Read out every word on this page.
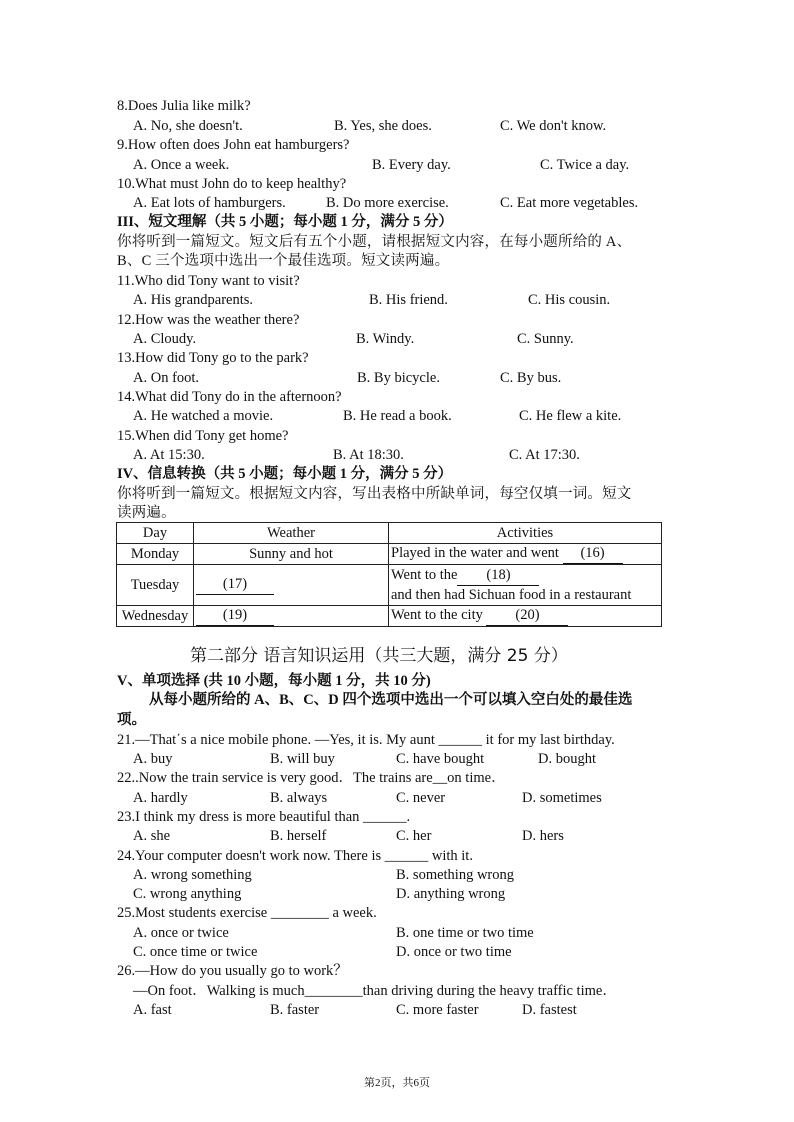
8.Does Julia like milk?
A. No, she doesn't.	B. Yes, she does.	C. We don't know.
9.How often does John eat hamburgers?
A. Once a week.	B. Every day.	C. Twice a day.
10.What must John do to keep healthy?
A. Eat lots of hamburgers.	B. Do more exercise.	C. Eat more vegetables.
III、短文理解（共 5 小题；每小题 1 分，满分 5 分）
你将听到一篇短文。短文后有五个小题，请根据短文内容，在每小题所给的 A、
B、C 三个选项中选出一个最佳选项。短文读两遍。
11.Who did Tony want to visit?
A. His grandparents.	B. His friend.	C. His cousin.
12.How was the weather there?
A. Cloudy.	B. Windy.	C. Sunny.
13.How did Tony go to the park?
A. On foot.	B. By bicycle.	C. By bus.
14.What did Tony do in the afternoon?
A. He watched a movie.	B. He read a book.	C. He flew a kite.
15.When did Tony get home?
A. At 15:30.	B. At 18:30.	C. At 17:30.
IV、信息转换（共 5 小题；每小题 1 分，满分 5 分）
你将听到一篇短文。根据短文内容，写出表格中所缺单词，每空仅填一词。短文
读两遍。
Day	Weather	Activities
Monday	Sunny and hot	Played in the water and went (16)
Tuesday	(17)	Went to the (18)
and then had Sichuan food in a restaurant
Wednesday	(19)	Went to the city (20)
第二部分 语言知识运用（共三大题，满分 25 分）
V、单项选择 (共 10 小题，每小题 1 分，共 10 分)
从每小题所给的 A、B、C、D 四个选项中选出一个可以填入空白处的最佳选
项。
21.—That΄s a nice mobile phone. —Yes, it is. My aunt ______ it for my last birthday.
A. buy	B. will buy	C. have bought	D. bought
22..Now the train service is very good．The trains are__on time．
A. hardly	B. always	C. never	D. sometimes
23.I think my dress is more beautiful than ______.
A. she	B. herself	C. her	D. hers
24.Your computer doesn't work now. There is ______ with it.
A. wrong something	B. something wrong
C. wrong anything	D. anything wrong
25.Most students exercise ________ a week.
A. once or twice	B. one time or two time
C. once time or twice	D. once or two time
26.—How do you usually go to work？
—On foot．Walking is much________than driving during the heavy traffic time．
A. fast	B. faster	C. more faster	D. fastest
第2页，共6页
